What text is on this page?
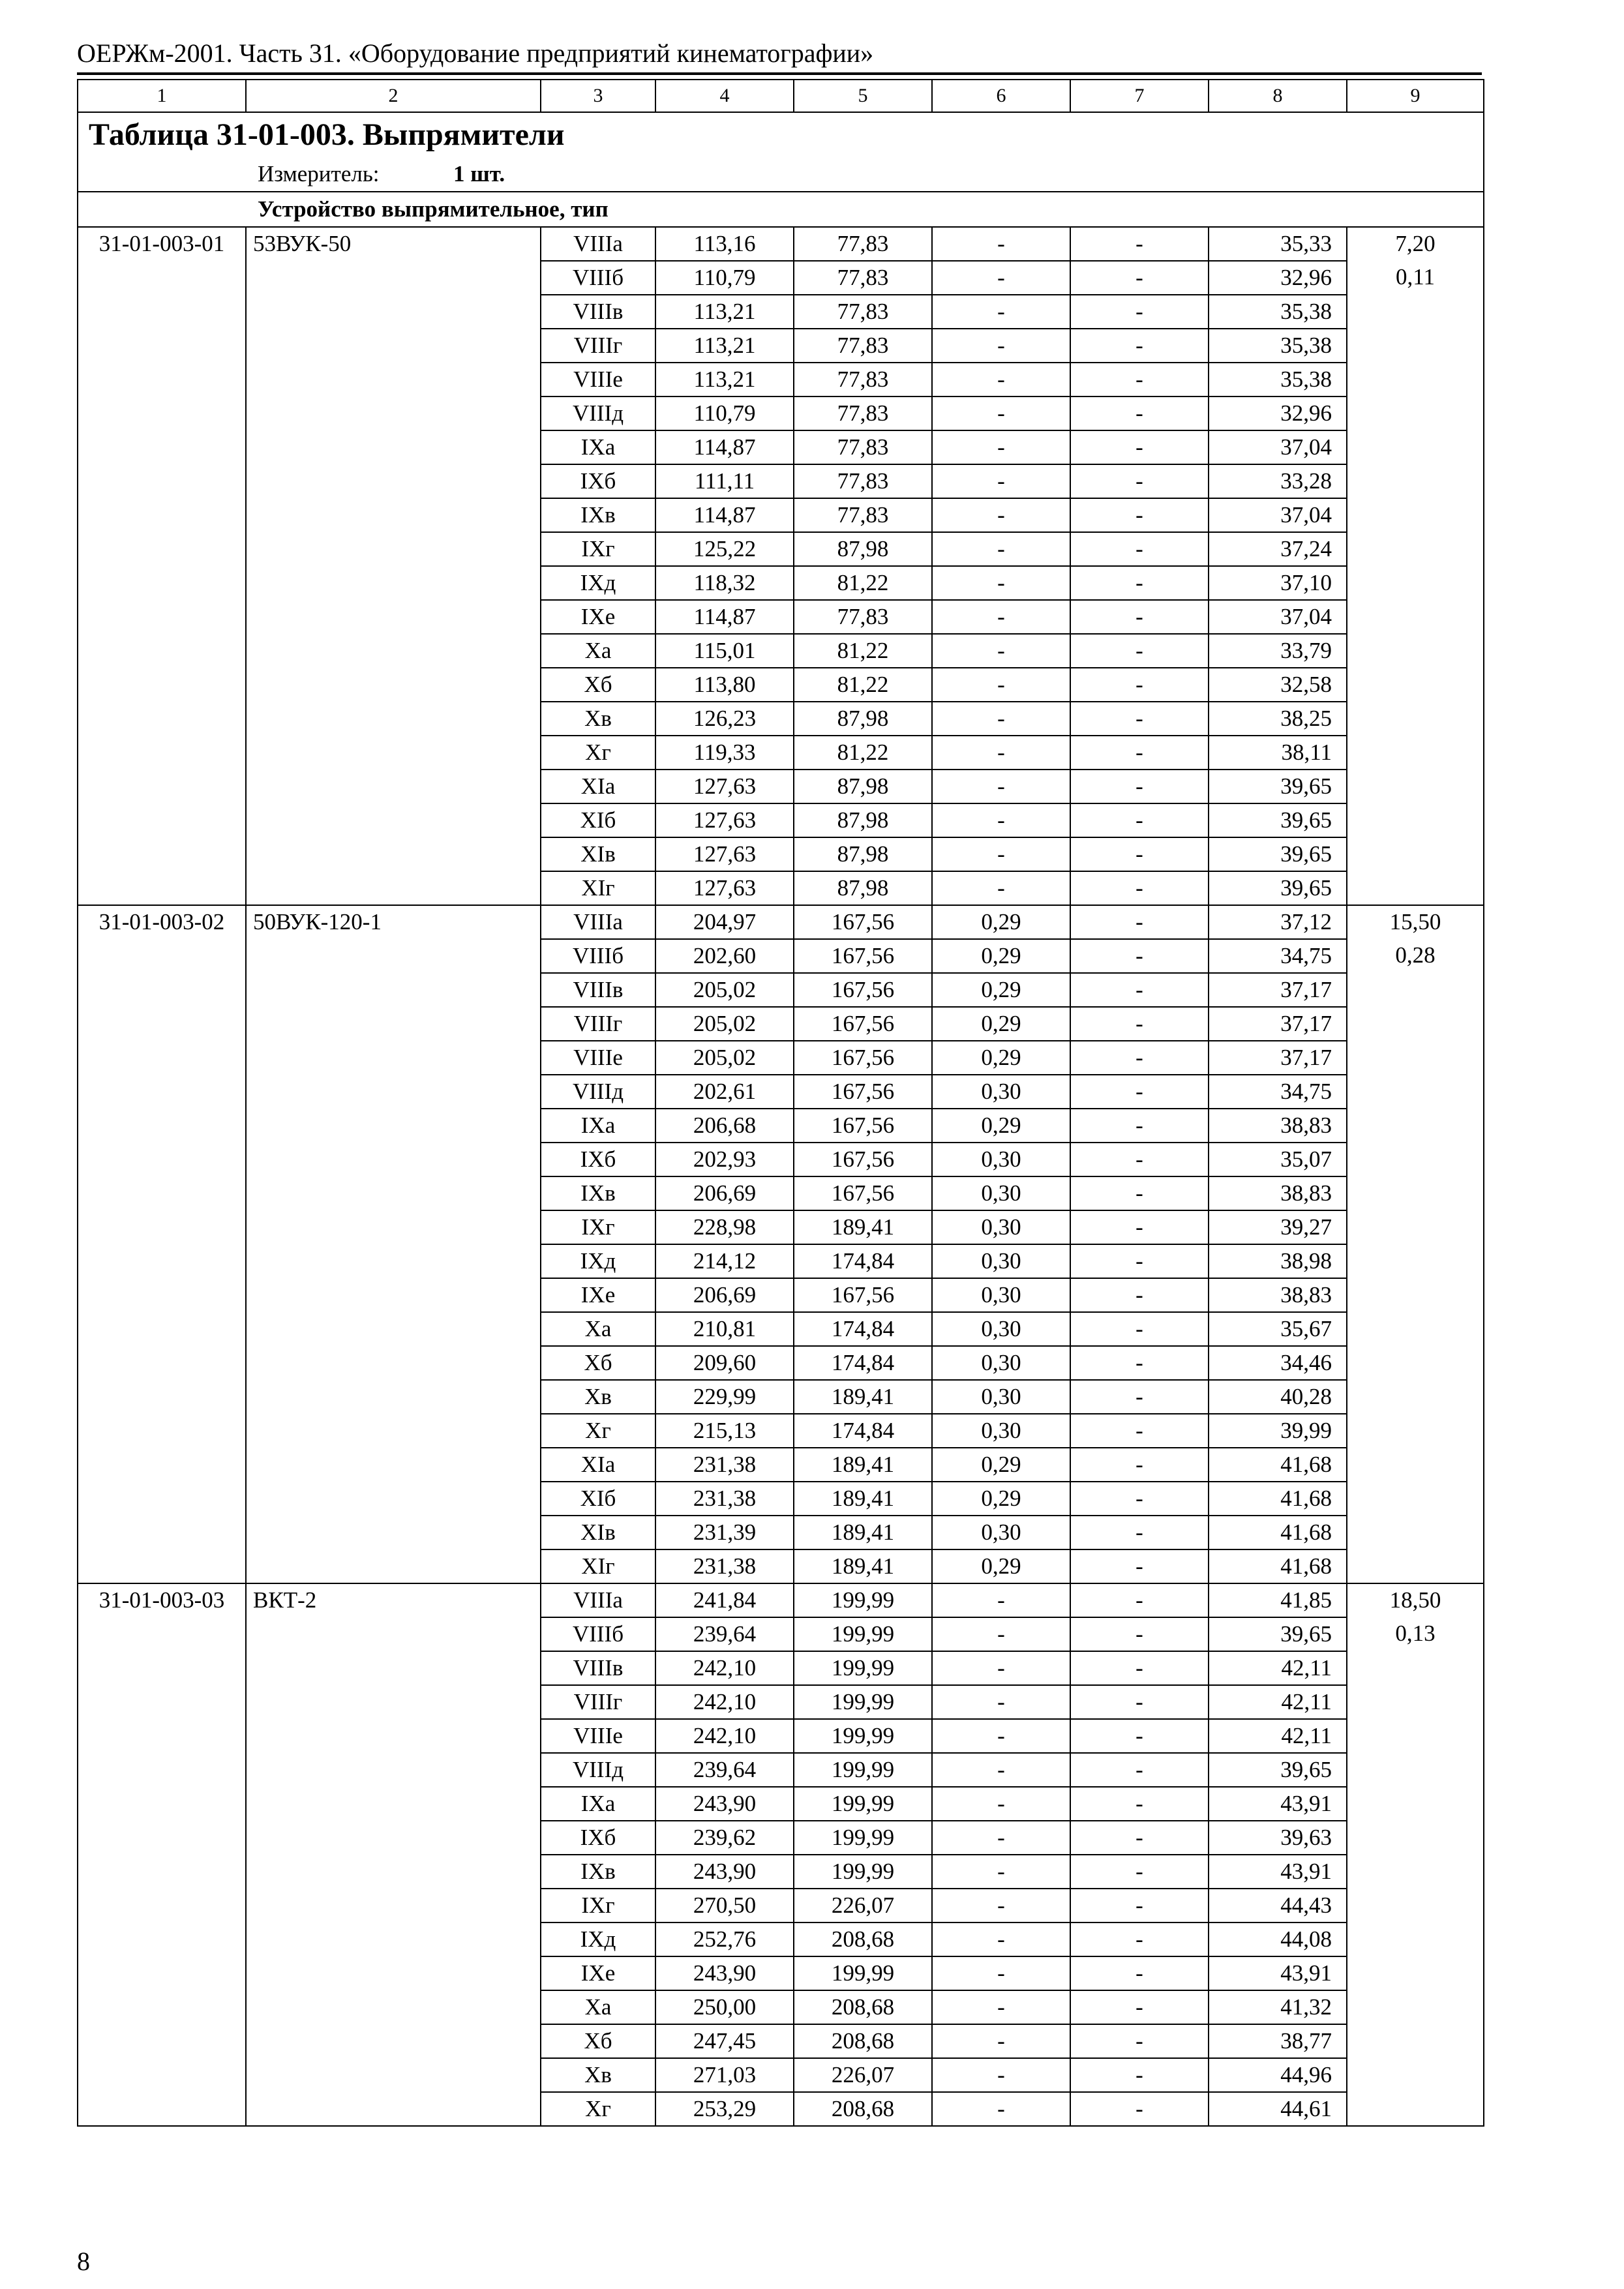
ОЕРЖм-2001. Часть 31. «Оборудование предприятий кинематографии»
1	2	3	4	5	6	7	8	9

Таблица 31-01-003. Выпрямители								

Измеритель: 1 шт.								
Устройство выпрямительное, тип								
31-01-003-01	53ВУК-50	VIIIа	113,16	77,83	-	-	35,33	7,20
		VIIIб	110,79	77,83	-	-	32,96	0,11
		VIIIв	113,21	77,83	-	-	35,38	
		VIIIг	113,21	77,83	-	-	35,38	
		VIIIе	113,21	77,83	-	-	35,38	
		VIIIд	110,79	77,83	-	-	32,96	
		IXа	114,87	77,83	-	-	37,04	
		IXб	111,11	77,83	-	-	33,28	
		IXв	114,87	77,83	-	-	37,04	
		IXг	125,22	87,98	-	-	37,24	
		IXд	118,32	81,22	-	-	37,10	
		IXе	114,87	77,83	-	-	37,04	
		Xа	115,01	81,22	-	-	33,79	
		Xб	113,80	81,22	-	-	32,58	
		Xв	126,23	87,98	-	-	38,25	
		Xг	119,33	81,22	-	-	38,11	
		XIа	127,63	87,98	-	-	39,65	
		XIб	127,63	87,98	-	-	39,65	
		XIв	127,63	87,98	-	-	39,65	
		XIг	127,63	87,98	-	-	39,65	
31-01-003-02	50ВУК-120-1	VIIIа	204,97	167,56	0,29	-	37,12	15,50
		VIIIб	202,60	167,56	0,29	-	34,75	0,28
		VIIIв	205,02	167,56	0,29	-	37,17	
		VIIIг	205,02	167,56	0,29	-	37,17	
		VIIIе	205,02	167,56	0,29	-	37,17	
		VIIIд	202,61	167,56	0,30	-	34,75	
		IXа	206,68	167,56	0,29	-	38,83	
		IXб	202,93	167,56	0,30	-	35,07	
		IXв	206,69	167,56	0,30	-	38,83	
		IXг	228,98	189,41	0,30	-	39,27	
		IXд	214,12	174,84	0,30	-	38,98	
		IXе	206,69	167,56	0,30	-	38,83	
		Xа	210,81	174,84	0,30	-	35,67	
		Xб	209,60	174,84	0,30	-	34,46	
		Xв	229,99	189,41	0,30	-	40,28	
		Xг	215,13	174,84	0,30	-	39,99	
		XIа	231,38	189,41	0,29	-	41,68	
		XIб	231,38	189,41	0,29	-	41,68	
		XIв	231,39	189,41	0,30	-	41,68	
		XIг	231,38	189,41	0,29	-	41,68	
31-01-003-03	ВКТ-2	VIIIа	241,84	199,99	-	-	41,85	18,50
		VIIIб	239,64	199,99	-	-	39,65	0,13
		VIIIв	242,10	199,99	-	-	42,11	
		VIIIг	242,10	199,99	-	-	42,11	
		VIIIе	242,10	199,99	-	-	42,11	
		VIIIд	239,64	199,99	-	-	39,65	
		IXа	243,90	199,99	-	-	43,91	
		IXб	239,62	199,99	-	-	39,63	
		IXв	243,90	199,99	-	-	43,91	
		IXг	270,50	226,07	-	-	44,43	
		IXд	252,76	208,68	-	-	44,08	
		IXе	243,90	199,99	-	-	43,91	
		Xа	250,00	208,68	-	-	41,32	
		Xб	247,45	208,68	-	-	38,77	
		Xв	271,03	226,07	-	-	44,96	
		Xг	253,29	208,68	-	-	44,61	
8
